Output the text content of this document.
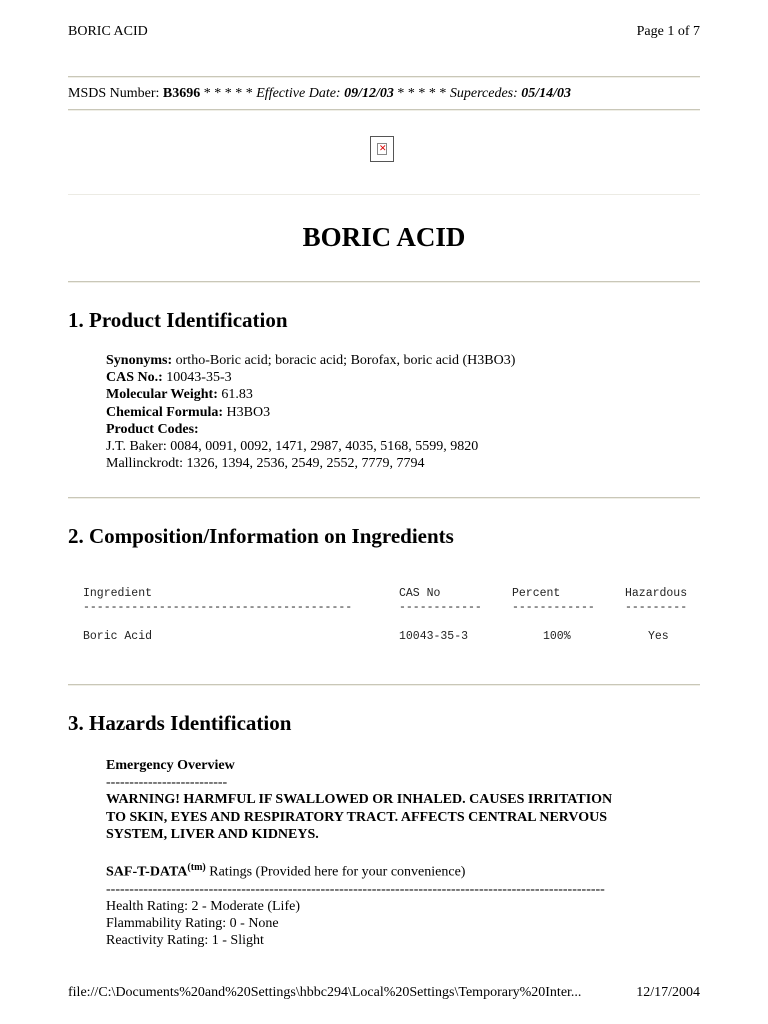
BORIC ACID	Page 1 of 7
MSDS Number: B3696 * * * * * Effective Date: 09/12/03 * * * * * Supercedes: 05/14/03
✕
BORIC ACID
1. Product Identification
Synonyms: ortho-Boric acid; boracic acid; Borofax, boric acid (H3BO3)
CAS No.: 10043-35-3
Molecular Weight: 61.83
Chemical Formula: H3BO3
Product Codes:
J.T. Baker: 0084, 0091, 0092, 1471, 2987, 4035, 5168, 5599, 9820
Mallinckrodt: 1326, 1394, 2536, 2549, 2552, 7779, 7794
2. Composition/Information on Ingredients
Ingredient	CAS No	Percent	Hazardous
---------------------------------------	------------	------------	---------
Boric Acid	10043-35-3	100%	Yes
3. Hazards Identification
Emergency Overview
--------------------------
WARNING! HARMFUL IF SWALLOWED OR INHALED. CAUSES IRRITATION
TO SKIN, EYES AND RESPIRATORY TRACT. AFFECTS CENTRAL NERVOUS
SYSTEM, LIVER AND KIDNEYS.
SAF-$T-DATA^{(tm)}$ Ratings (Provided here for your convenience)
-----------------------------------------------------------------------------------------------------------
Health Rating: 2 - Moderate (Life)
Flammability Rating: 0 - None
Reactivity Rating: 1 - Slight
file://C:\Documents%20and%20Settings\hbbc294\Local%20Settings\Temporary%20Inter...	12/17/2004
